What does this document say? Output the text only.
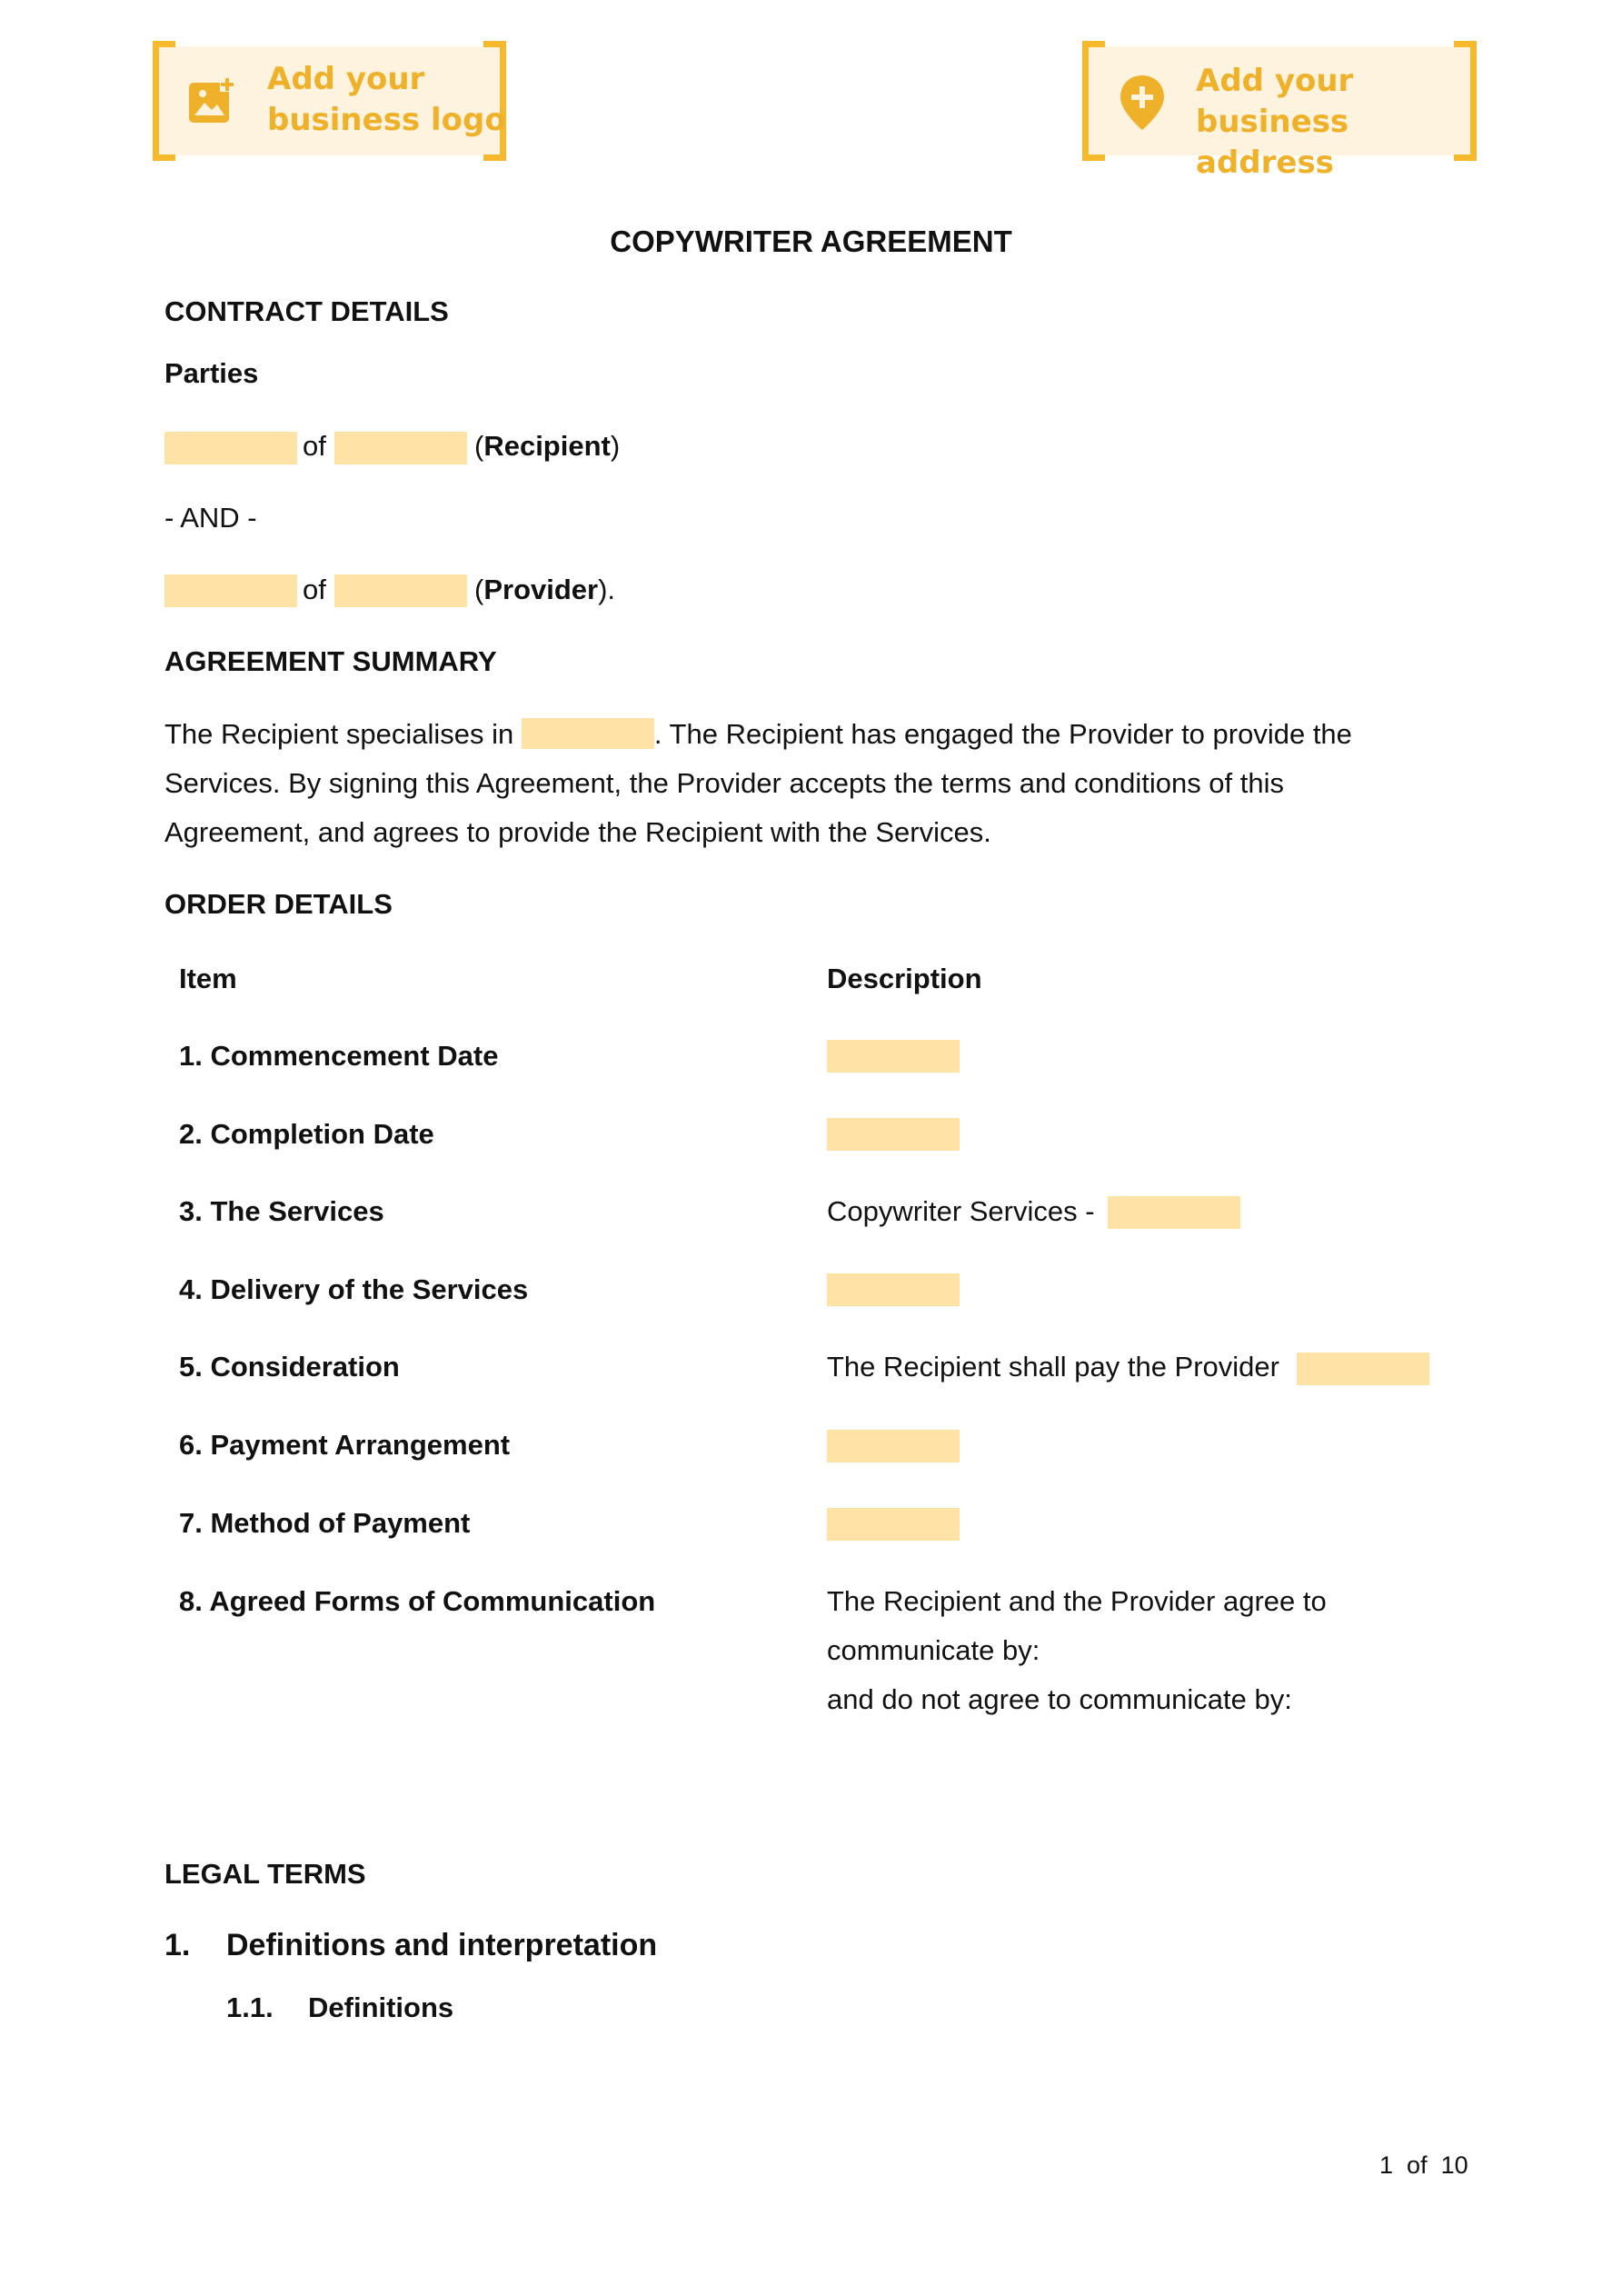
Add your
business logo
Add your
business address
COPYWRITER AGREEMENT
CONTRACT DETAILS
Parties
of	(Recipient)
- AND -
of	(Provider).
AGREEMENT SUMMARY
The Recipient specialises in	. The Recipient has engaged the Provider to provide the
Services. By signing this Agreement, the Provider accepts the terms and conditions of this
Agreement, and agrees to provide the Recipient with the Services.
ORDER DETAILS
Item	Description
1. Commencement Date
2. Completion Date
3. The Services	Copywriter Services -
4. Delivery of the Services
5. Consideration	The Recipient shall pay the Provider
6. Payment Arrangement
7. Method of Payment
8. Agreed Forms of Communication	The Recipient and the Provider agree to
communicate by:
and do not agree to communicate by:
LEGAL TERMS
1. Definitions and interpretation
1.1. Definitions
1 of 10
